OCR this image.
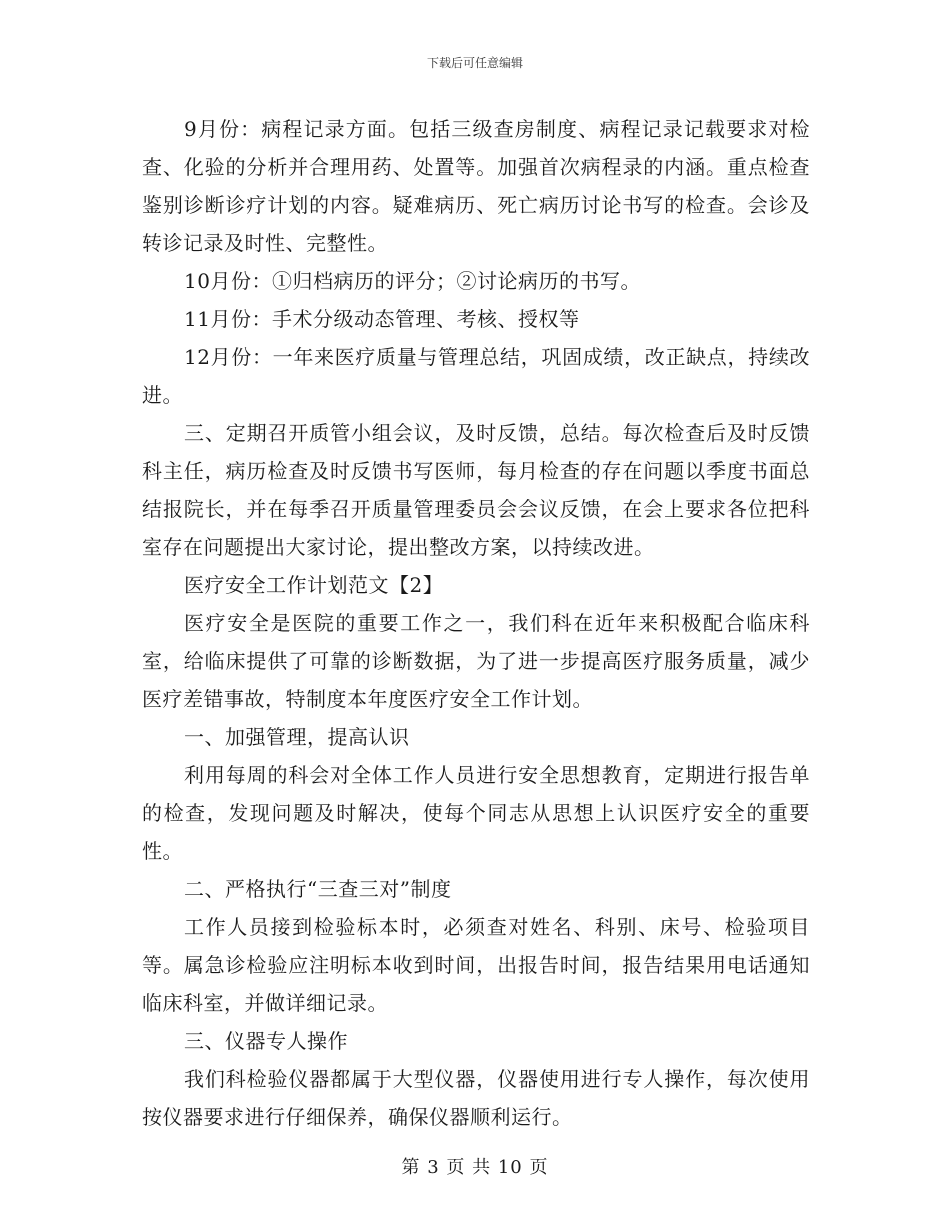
下载后可任意编辑

9月份：病程记录方面。包括三级查房制度、病程记录记载要求对检查、化验的分析并合理用药、处置等。加强首次病程录的内涵。重点检查鉴别诊断诊疗计划的内容。疑难病历、死亡病历讨论书写的检查。会诊及转诊记录及时性、完整性。

10月份：①归档病历的评分；②讨论病历的书写。

11月份：手术分级动态管理、考核、授权等

12月份：一年来医疗质量与管理总结，巩固成绩，改正缺点，持续改进。

三、定期召开质管小组会议，及时反馈，总结。每次检查后及时反馈科主任，病历检查及时反馈书写医师，每月检查的存在问题以季度书面总结报院长，并在每季召开质量管理委员会会议反馈，在会上要求各位把科室存在问题提出大家讨论，提出整改方案，以持续改进。

医疗安全工作计划范文【2】

医疗安全是医院的重要工作之一，我们科在近年来积极配合临床科室，给临床提供了可靠的诊断数据，为了进一步提高医疗服务质量，减少医疗差错事故，特制度本年度医疗安全工作计划。

一、加强管理，提高认识

利用每周的科会对全体工作人员进行安全思想教育，定期进行报告单的检查，发现问题及时解决，使每个同志从思想上认识医疗安全的重要性。

二、严格执行“三查三对”制度

工作人员接到检验标本时，必须查对姓名、科别、床号、检验项目等。属急诊检验应注明标本收到时间，出报告时间，报告结果用电话通知临床科室，并做详细记录。

三、仪器专人操作

我们科检验仪器都属于大型仪器，仪器使用进行专人操作，每次使用按仪器要求进行仔细保养，确保仪器顺利运行。

第 3 页 共 10 页
